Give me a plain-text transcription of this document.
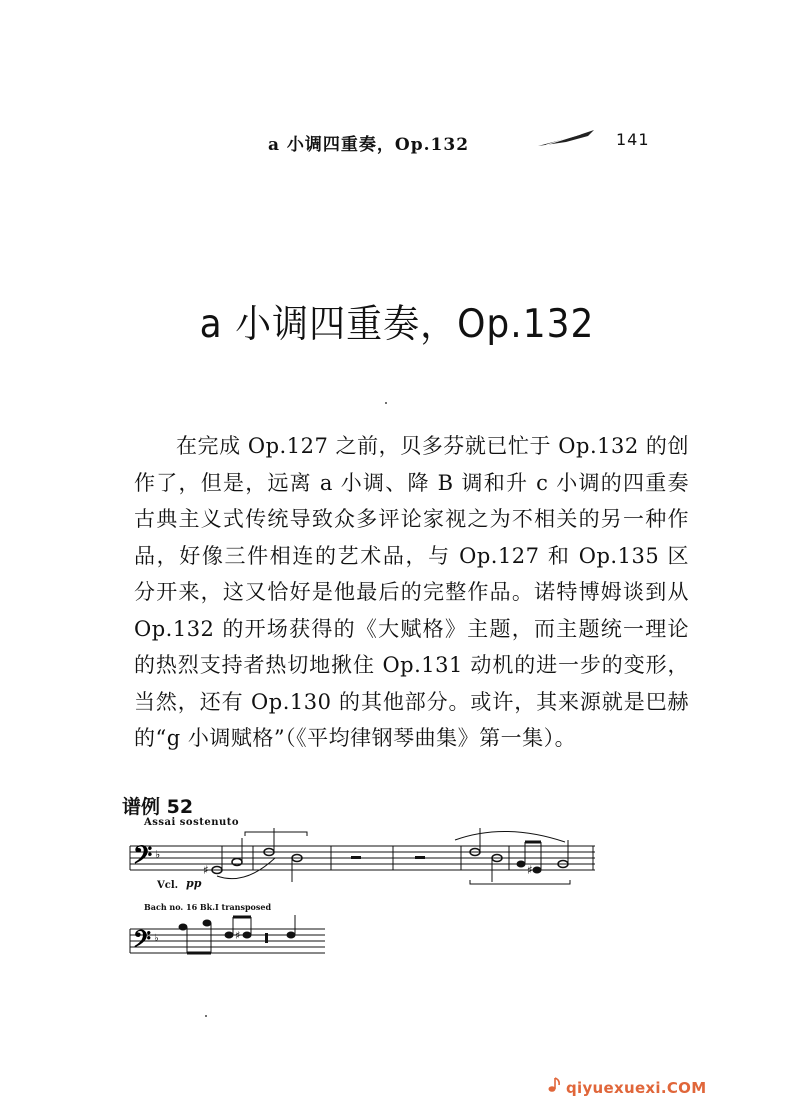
a 小调四重奏，Op.132	141
a 小调四重奏，Op.132
在完成 Op.127 之前，贝多芬就已忙于 Op.132 的创作了，但是，远离 a 小调、降 B 调和升 c 小调的四重奏古典主义式传统导致众多评论家视之为不相关的另一种作品，好像三件相连的艺术品，与 Op.127 和 Op.135 区分开来，这又恰好是他最后的完整作品。诺特博姆谈到从 Op.132 的开场获得的《大赋格》主题，而主题统一理论的热烈支持者热切地揪住 Op.131 动机的进一步的变形，当然，还有 Op.130 的其他部分。或许，其来源就是巴赫的“g 小调赋格”（《平均律钢琴曲集》第一集）。
谱例 52
Assai sostenuto
𝄢 ♭
♯	♯
Vcl. pp
Bach no. 16 Bk.I transposed
𝄢 ♭	♯
qiyuexuexi.COM
